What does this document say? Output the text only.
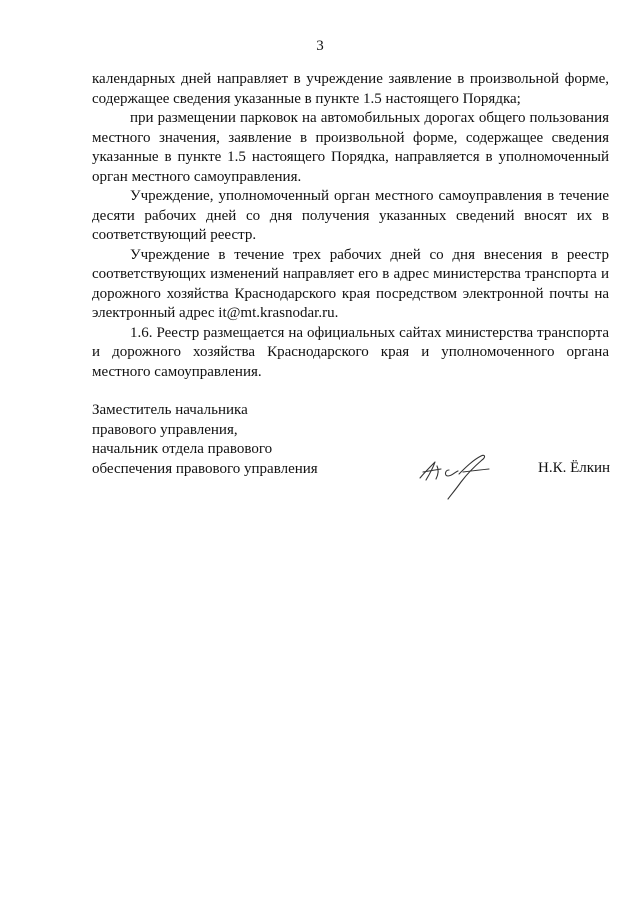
3

календарных дней направляет в учреждение заявление в произвольной форме, содержащее сведения указанные в пункте 1.5 настоящего Порядка;

при размещении парковок на автомобильных дорогах общего пользования местного значения, заявление в произвольной форме, содержащее сведения указанные в пункте 1.5 настоящего Порядка, направляется в уполномоченный орган местного самоуправления.

Учреждение, уполномоченный орган местного самоуправления в течение десяти рабочих дней со дня получения указанных сведений вносят их в соответствующий реестр.

Учреждение в течение трех рабочих дней со дня внесения в реестр соответствующих изменений направляет его в адрес министерства транспорта и дорожного хозяйства Краснодарского края посредством электронной почты на электронный адрес it@mt.krasnodar.ru.

1.6. Реестр размещается на официальных сайтах министерства транспорта и дорожного хозяйства Краснодарского края и уполномоченного органа местного самоуправления.

Заместитель начальника
правового управления,
начальник отдела правового
обеспечения правового управления	Н.К. Ёлкин
